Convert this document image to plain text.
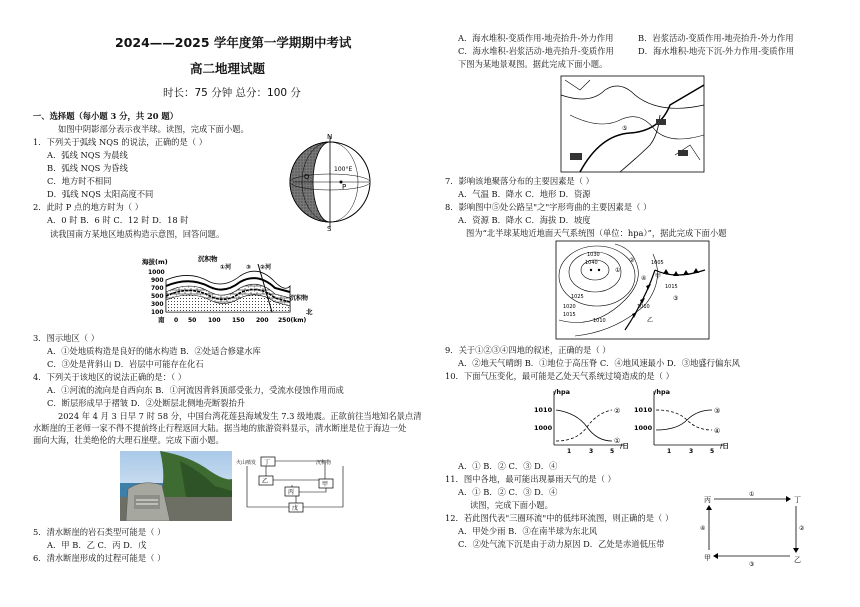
2024——2025 学年度第一学期期中考试
高二地理试题
时长：75 分钟 总分：100 分
一、选择题（每小题 3 分，共 20 题）
如图中阴影部分表示夜半球。读图，完成下面小题。
1．下列关于弧线 NQS 的说法，正确的是（ ）
A．弧线 NQS 为晨线
B．弧线 NQS 为昏线
C．地方时不相同
D．弧线 NQS 太阳高度不同
2．此时 P 点的地方时为（ ）
A．0 时 B．6 时 C．12 时 D．18 时
读我国南方某地区地质构造示意图，回答问题。
N
S
Q
P
100°E
海拔(m)
1000
900
700
500
300
100
沉积物
①河 ③ ②河
沉积物
南 0 50 100 150 200 250(km)
北
3．图示地区（ ）
A．①处地质构造是良好的储水构造 B．②处适合修建水库
C．③处是背斜山 D．岩层中可能存在化石
4．下列关于该地区的说法正确的是：（ ）
A．①河流的流向是自西向东 B．①河流因背斜顶部受张力，受流水侵蚀作用而成
C．断层形成早于褶皱 D．②处断层北侧地壳断裂抬升
2024 年 4 月 3 日早 7 时 58 分，中国台湾花莲县海域发生 7.3 级地震。正欲前往当地知名景点清
水断崖的王老师一家不得不提前终止行程返回大陆。据当地的旅游资料显示，清水断崖是位于海边一处
面向大海，壮美绝伦的大理石崖壁。完成下面小题。
火山喷发	沉积物
丁
乙
丙
甲
戊
5．清水断崖的岩石类型可能是（ ）
A．甲 B．乙 C．丙 D．戊
6．清水断崖形成的过程可能是（ ）
A．海水堆积-变质作用-地壳抬升-外力作用	B．岩浆活动-变质作用-地壳抬升-外力作用
C．海水堆积-岩浆活动-地壳抬升-变质作用	D．海水堆积-地壳下沉-外力作用-变质作用
下图为某地景观图。据此完成下面小题。
⑤
7．影响该地聚落分布的主要因素是（ ）
A．气温 B．降水 C．地形 D．资源
8．影响图中⑤处公路呈"之"字形弯曲的主要因素是（ ）
A．资源 B．降水 C．海拔 D．坡度
图为“北半球某地近地面天气系统图（单位：hpa）”，据此完成下面小题
1030
1040
1025
1020
1015
1010
1005
1015
1010
①
②
③
④ 甲
乙
9．关于①②③④四地的叙述，正确的是（ ）
A．②地天气晴朗 B．①地位于高压脊 C．④地风速最小 D．③地盛行偏东风
10．下面气压变化，最可能是乙处天气系统过境造成的是（ ）
/hpa
1010
1000
②
①
1	3	5
/日
/hpa
1010
1000
③
④
1	3	5
/日
A．① B．② C．③ D．④
11．图中各地，最可能出现暴雨天气的是（ ）
A．① B．② C．③ D．④
读图，完成下面小题。
12．若此图代表"三圈环流"中的低纬环流图，则正确的是（ ）
A．甲处少雨 B．③在南半球为东北风
C．②处气流下沉是由于动力原因 D．乙处是赤道低压带
丙	丁
甲	乙
①
②
③
④
